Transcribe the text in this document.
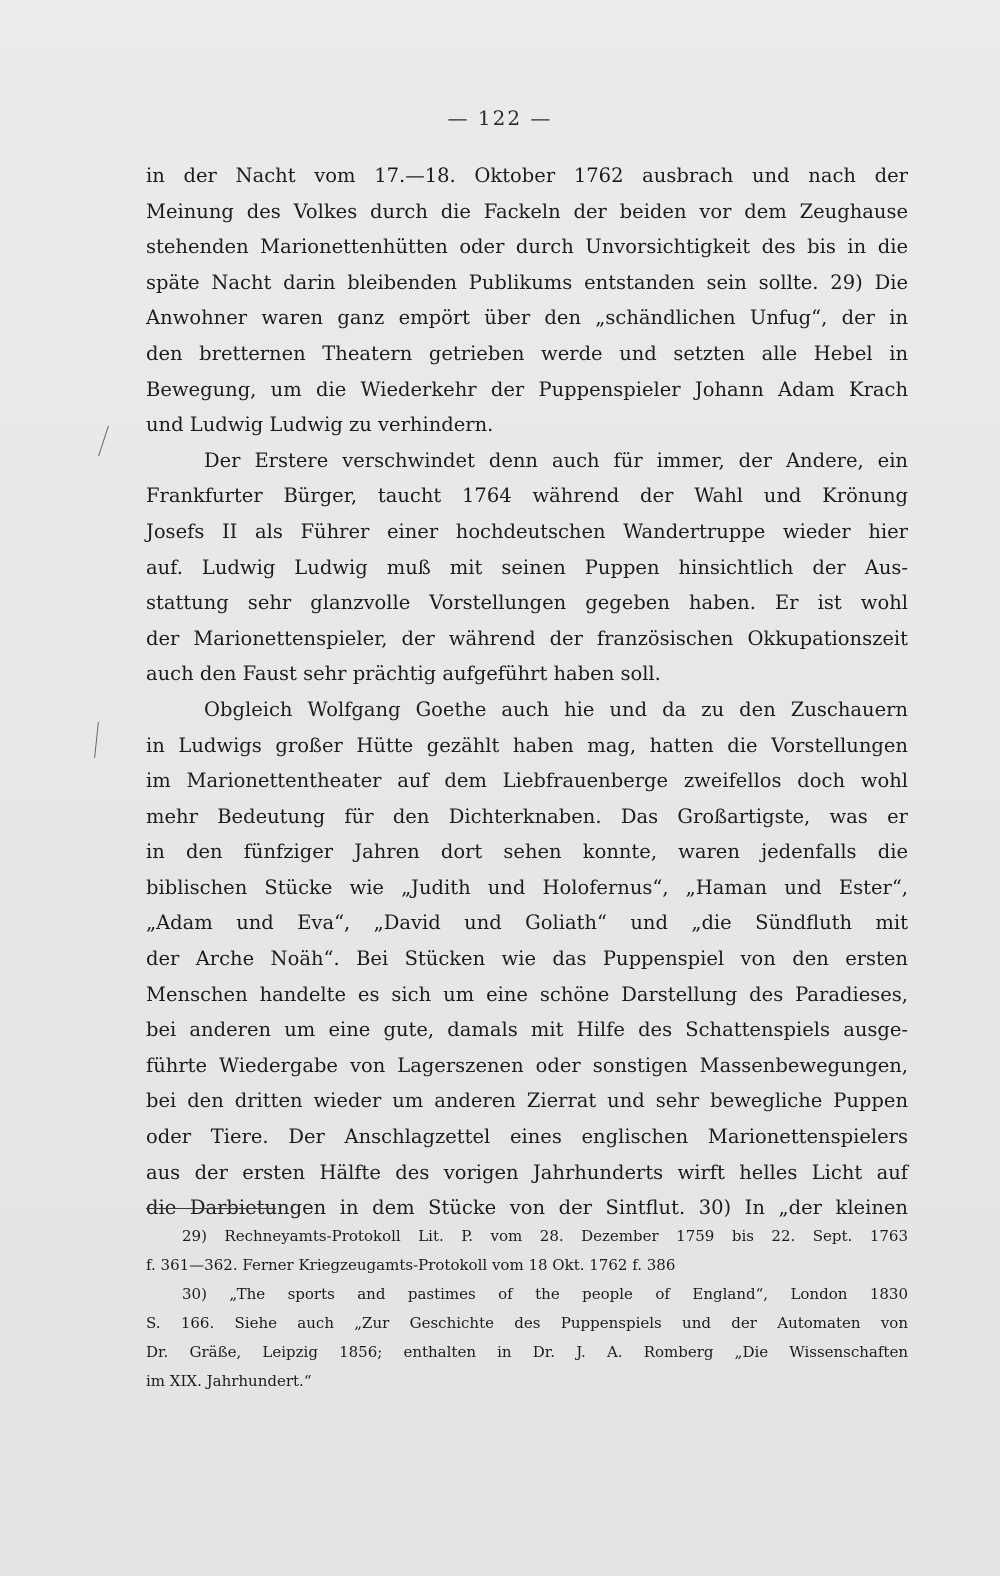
— 122 —
in der Nacht vom 17.—18. Oktober 1762 ausbrach und nach der
Meinung des Volkes durch die Fackeln der beiden vor dem Zeughause
stehenden Marionettenhütten oder durch Unvorsichtigkeit des bis in die
späte Nacht darin bleibenden Publikums entstanden sein sollte. 29) Die
Anwohner waren ganz empört über den „schändlichen Unfug“, der in
den bretternen Theatern getrieben werde und setzten alle Hebel in
Bewegung, um die Wiederkehr der Puppenspieler Johann Adam Krach
und Ludwig Ludwig zu verhindern.
Der Erstere verschwindet denn auch für immer, der Andere, ein
Frankfurter Bürger, taucht 1764 während der Wahl und Krönung
Josefs II als Führer einer hochdeutschen Wandertruppe wieder hier
auf. Ludwig Ludwig muß mit seinen Puppen hinsichtlich der Aus-
stattung sehr glanzvolle Vorstellungen gegeben haben. Er ist wohl
der Marionettenspieler, der während der französischen Okkupationszeit
auch den Faust sehr prächtig aufgeführt haben soll.
Obgleich Wolfgang Goethe auch hie und da zu den Zuschauern
in Ludwigs großer Hütte gezählt haben mag, hatten die Vorstellungen
im Marionettentheater auf dem Liebfrauenberge zweifellos doch wohl
mehr Bedeutung für den Dichterknaben. Das Großartigste, was er
in den fünfziger Jahren dort sehen konnte, waren jedenfalls die
biblischen Stücke wie „Judith und Holofernus“, „Haman und Ester“,
„Adam und Eva“, „David und Goliath“ und „die Sündfluth mit
der Arche Noäh“. Bei Stücken wie das Puppenspiel von den ersten
Menschen handelte es sich um eine schöne Darstellung des Paradieses,
bei anderen um eine gute, damals mit Hilfe des Schattenspiels ausge-
führte Wiedergabe von Lagerszenen oder sonstigen Massenbewegungen,
bei den dritten wieder um anderen Zierrat und sehr bewegliche Puppen
oder Tiere. Der Anschlagzettel eines englischen Marionettenspielers
aus der ersten Hälfte des vorigen Jahrhunderts wirft helles Licht auf
die Darbietungen in dem Stücke von der Sintflut. 30) In „der kleinen
29) Rechneyamts-Protokoll Lit. P. vom 28. Dezember 1759 bis 22. Sept. 1763
f. 361—362. Ferner Kriegzeugamts-Protokoll vom 18 Okt. 1762 f. 386
30) „The sports and pastimes of the people of England“, London 1830
S. 166. Siehe auch „Zur Geschichte des Puppenspiels und der Automaten von
Dr. Gräße, Leipzig 1856; enthalten in Dr. J. A. Romberg „Die Wissenschaften
im XIX. Jahrhundert.“
